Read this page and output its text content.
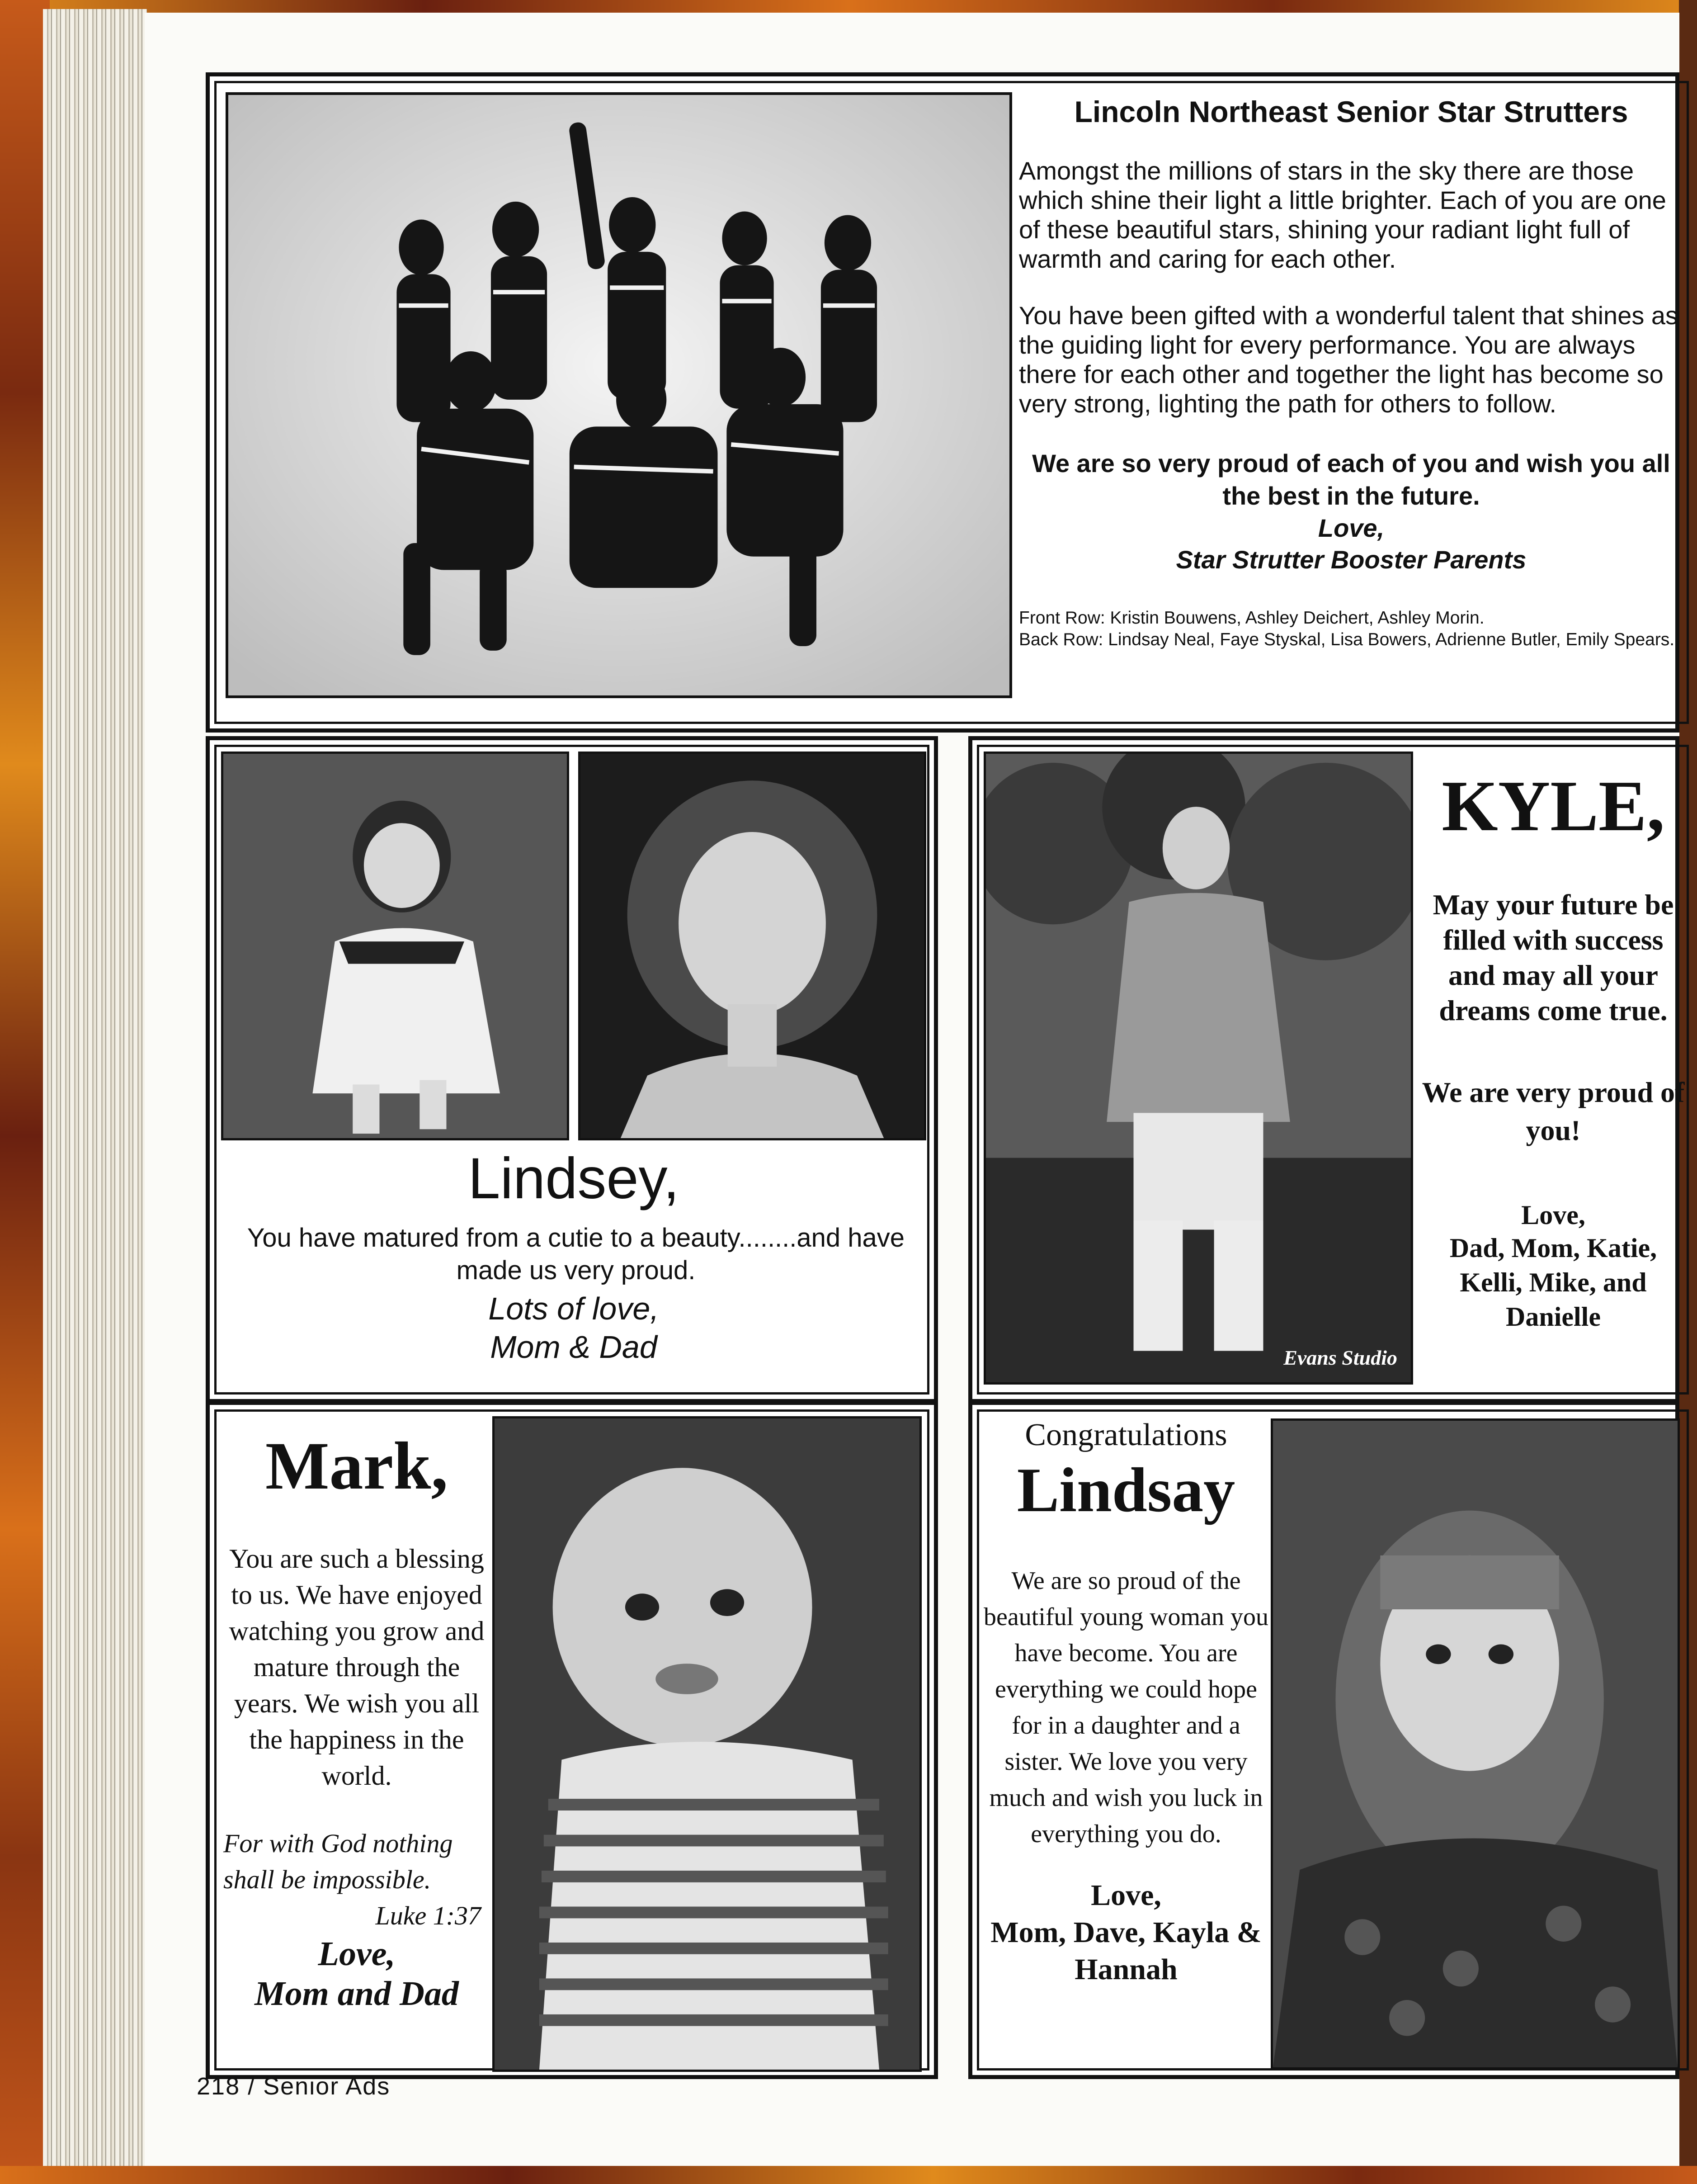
Lincoln Northeast Senior Star Strutters

Amongst the millions of stars in the sky there are those which shine their light a little brighter. Each of you are one of these beautiful stars, shining your radiant light full of warmth and caring for each other.

You have been gifted with a wonderful talent that shines as the guiding light for every performance. You are always there for each other and together the light has become so very strong, lighting the path for others to follow.

We are so very proud of each of you and wish you all the best in the future.

Love,

Star Strutter Booster Parents

Front Row: Kristin Bouwens, Ashley Deichert, Ashley Morin.

Back Row: Lindsay Neal, Faye Styskal, Lisa Bowers, Adrienne Butler, Emily Spears.

Lindsey,

You have matured from a cutie to a beauty........and have made us very proud.

Lots of love,

Mom & Dad	Evans Studio

KYLE,

May your future be filled with success and may all your dreams come true.

We are very proud of you!

Love,

Dad, Mom, Katie, Kelli, Mike, and Danielle

Mark,

You are such a blessing to us. We have enjoyed watching you grow and mature through the years. We wish you all the happiness in the world.

For with God nothing shall be impossible.

Luke 1:37

Love,

Mom and Dad

Congratulations

Lindsay

We are so proud of the beautiful young woman you have become. You are everything we could hope for in a daughter and a sister. We love you very much and wish you luck in everything you do.

Love,

Mom, Dave, Kayla & Hannah

218 / Senior Ads
